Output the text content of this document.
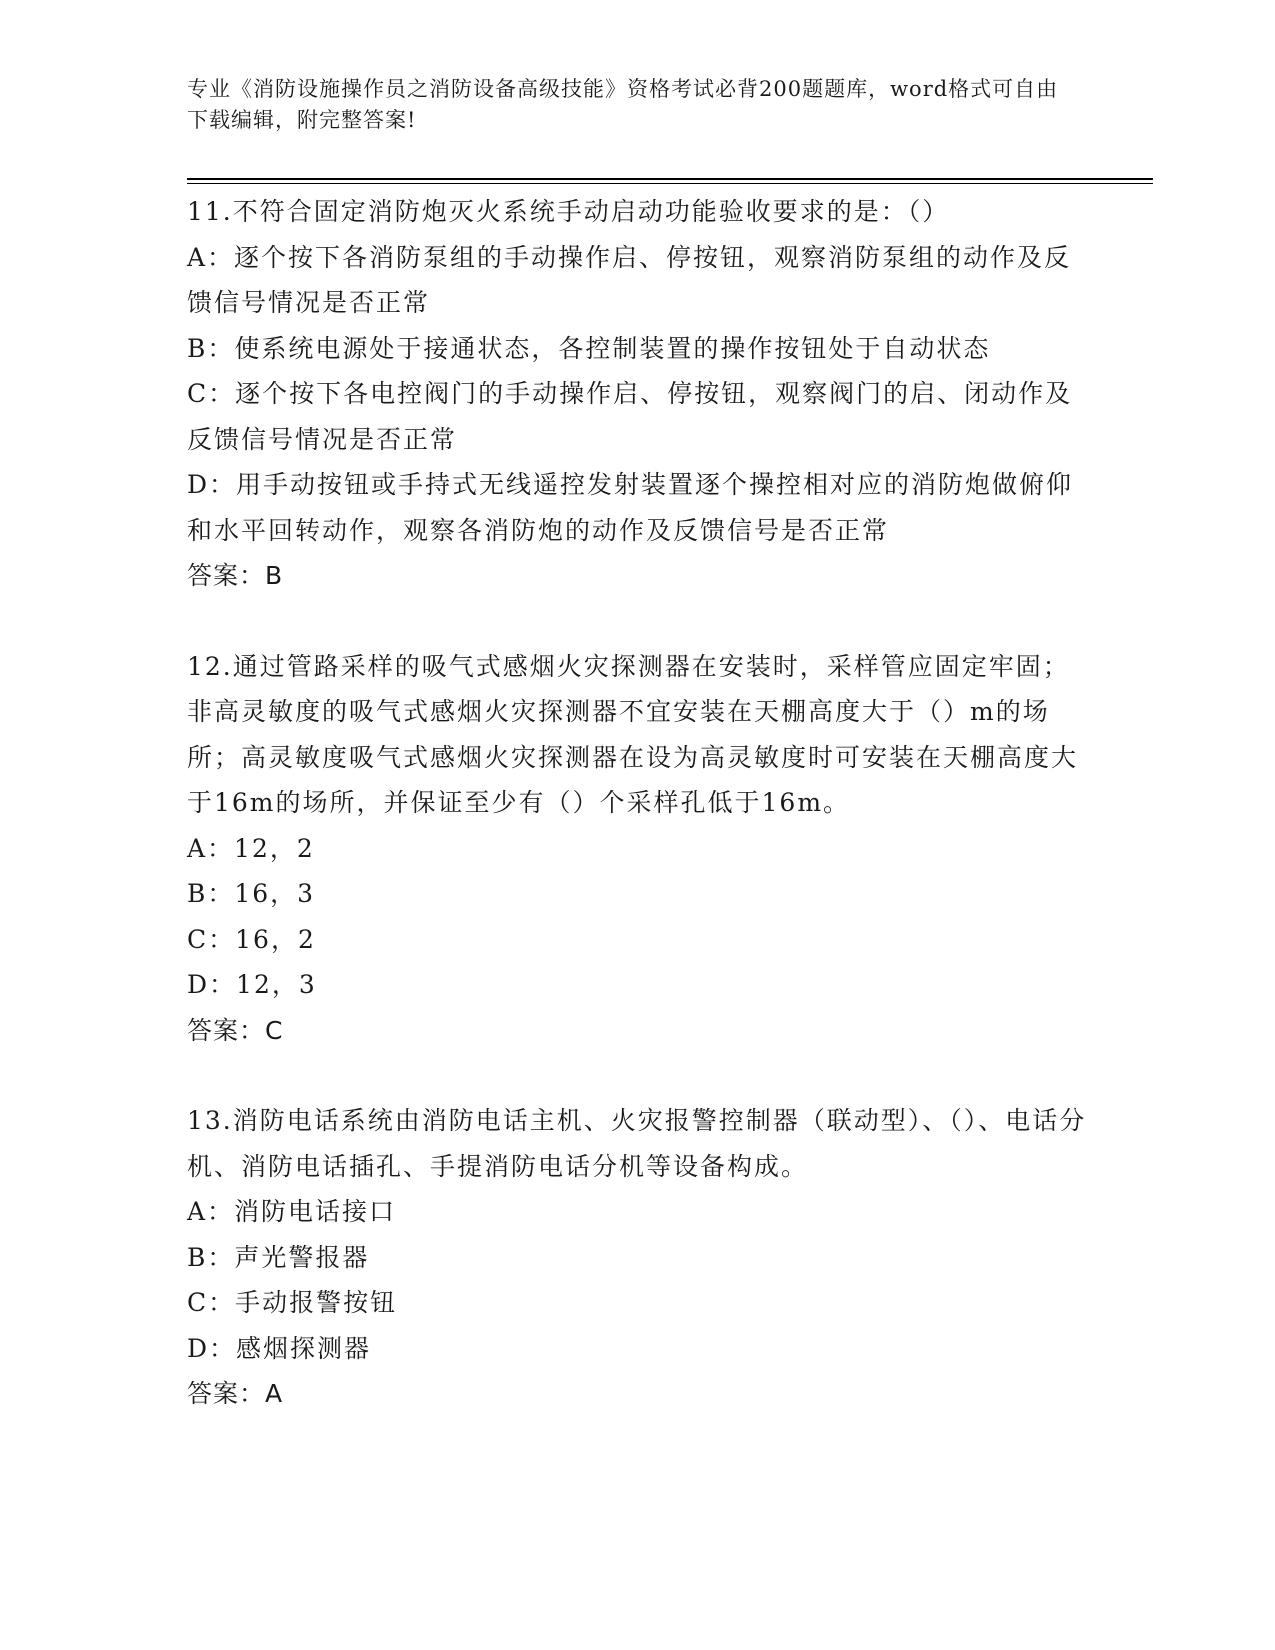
专业《消防设施操作员之消防设备高级技能》资格考试必背200题题库，word格式可自由下载编辑，附完整答案!

11.不符合固定消防炮灭火系统手动启动功能验收要求的是：（）

A：逐个按下各消防泵组的手动操作启、停按钮，观察消防泵组的动作及反馈信号情况是否正常

B：使系统电源处于接通状态，各控制装置的操作按钮处于自动状态

C：逐个按下各电控阀门的手动操作启、停按钮，观察阀门的启、闭动作及反馈信号情况是否正常

D：用手动按钮或手持式无线遥控发射装置逐个操控相对应的消防炮做俯仰和水平回转动作，观察各消防炮的动作及反馈信号是否正常

答案：B

12.通过管路采样的吸气式感烟火灾探测器在安装时，采样管应固定牢固；非高灵敏度的吸气式感烟火灾探测器不宜安装在天棚高度大于（）m的场所；高灵敏度吸气式感烟火灾探测器在设为高灵敏度时可安装在天棚高度大于16m的场所，并保证至少有（）个采样孔低于16m。

A：12，2

B：16，3

C：16，2

D：12，3

答案：C

13.消防电话系统由消防电话主机、火灾报警控制器（联动型）、（）、电话分机、消防电话插孔、手提消防电话分机等设备构成。

A：消防电话接口

B：声光警报器

C：手动报警按钮

D：感烟探测器

答案：A
